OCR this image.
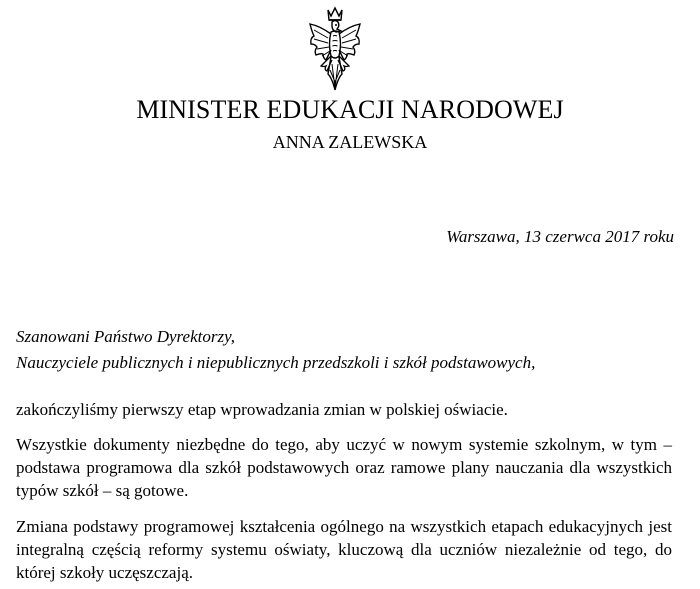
MINISTER EDUKACJI NARODOWEJ
ANNA ZALEWSKA
Warszawa, 13 czerwca 2017 roku
Szanowani Państwo Dyrektorzy,
Nauczyciele publicznych i niepublicznych przedszkoli i szkół podstawowych,

zakończyliśmy pierwszy etap wprowadzania zmian w polskiej oświacie.

Wszystkie dokumenty niezbędne do tego, aby uczyć w nowym systemie szkolnym, w tym – podstawa programowa dla szkół podstawowych oraz ramowe plany nauczania dla wszystkich typów szkół – są gotowe.

Zmiana podstawy programowej kształcenia ogólnego na wszystkich etapach edukacyjnych jest integralną częścią reformy systemu oświaty, kluczową dla uczniów niezależnie od tego, do której szkoły uczęszczają.
